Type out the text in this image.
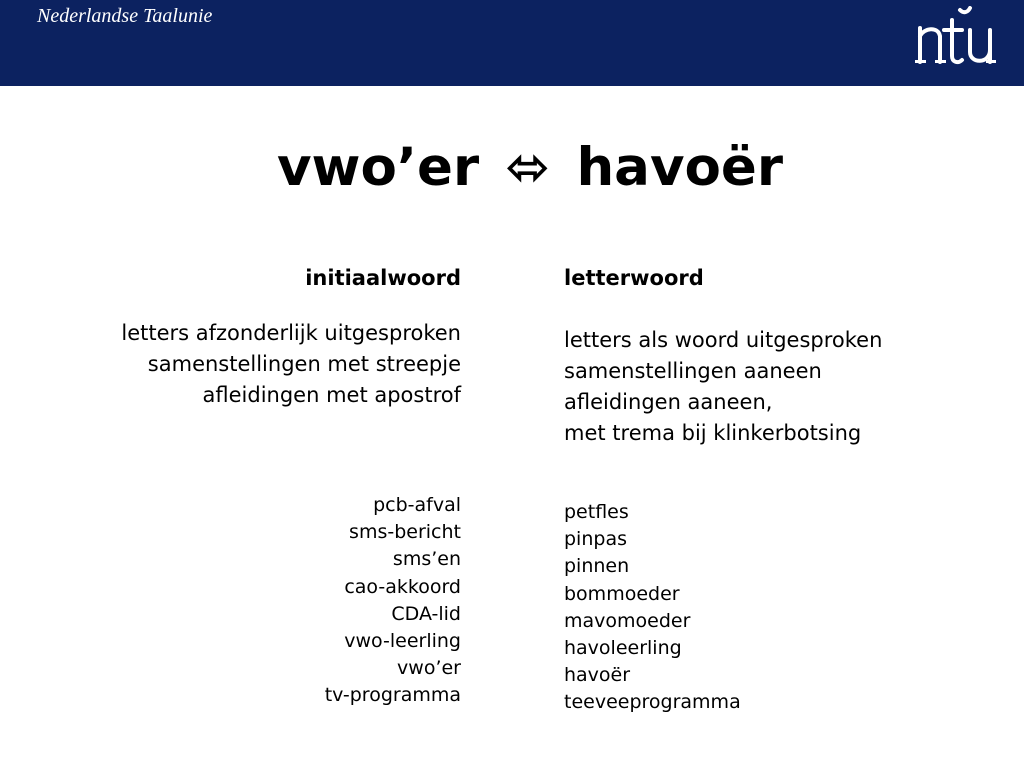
Nederlandse Taalunie
vwo’er ⬄ havoër
initiaalwoord
letters afzonderlijk uitgesproken
samenstellingen met streepje
afleidingen met apostrof
pcb-afval
sms-bericht
sms’en
cao-akkoord
CDA-lid
vwo-leerling
vwo’er
tv-programma
letterwoord
letters als woord uitgesproken
samenstellingen aaneen
afleidingen aaneen,
met trema bij klinkerbotsing
petfles
pinpas
pinnen
bommoeder
mavomoeder
havoleerling
havoër
teeveeprogramma
